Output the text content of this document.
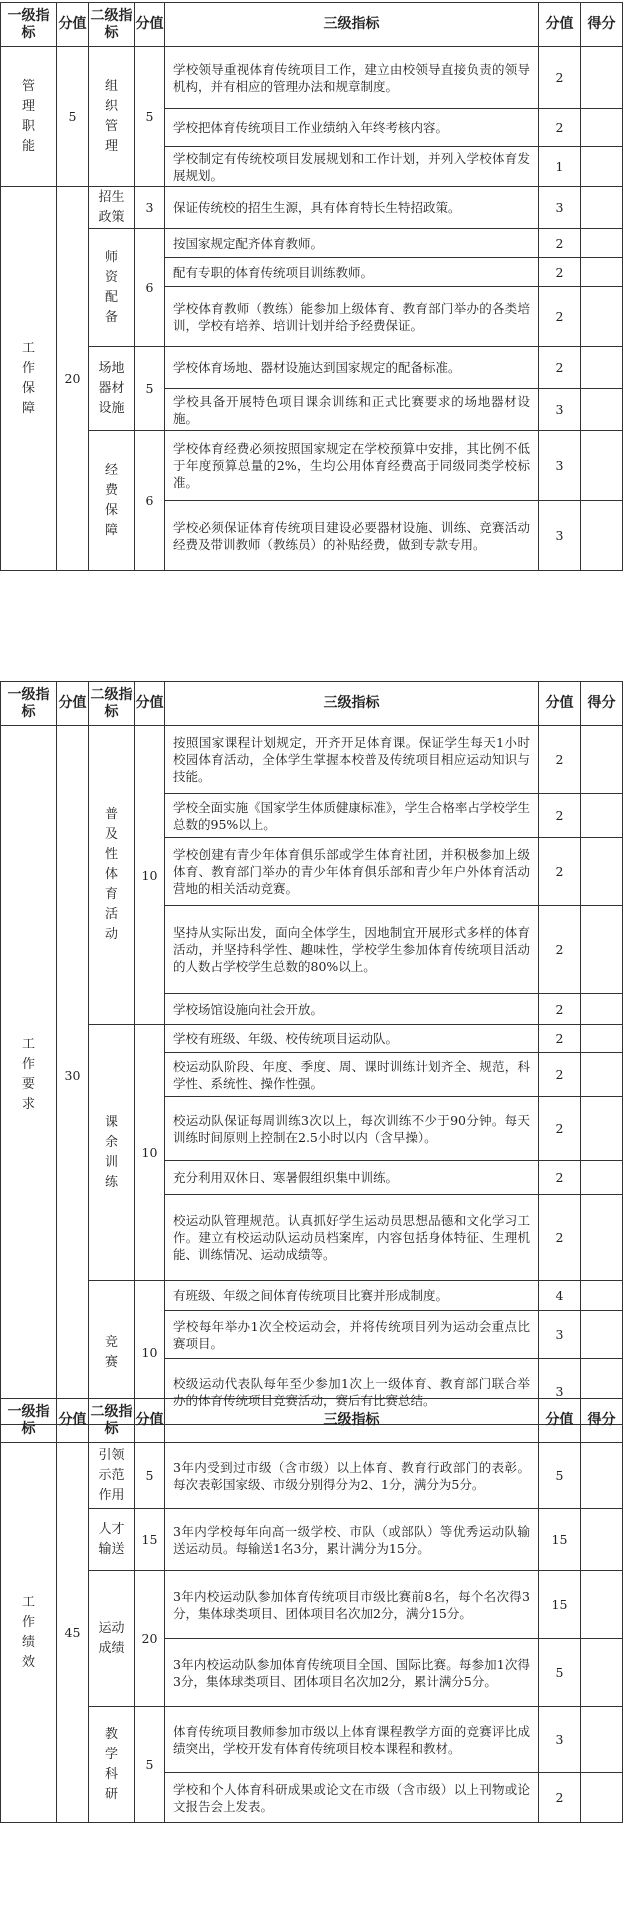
一级指标	分值	二级指标	分值	三级指标	分值	得分
管理职能	5	组织管理	5	学校领导重视体育传统项目工作，建立由校领导直接负责的领导机构，并有相应的管理办法和规章制度。	2	
				学校把体育传统项目工作业绩纳入年终考核内容。	2	
				学校制定有传统校项目发展规划和工作计划，并列入学校体育发展规划。	1	
工作保障	20	招生政策	3	保证传统校的招生生源，具有体育特长生特招政策。	3	
		师资配备	6	按国家规定配齐体育教师。	2	
				配有专职的体育传统项目训练教师。	2	
				学校体育教师（教练）能参加上级体育、教育部门举办的各类培训，学校有培养、培训计划并给予经费保证。	2	
		场地器材设施	5	学校体育场地、器材设施达到国家规定的配备标准。	2	
				学校具备开展特色项目课余训练和正式比赛要求的场地器材设施。	3	
		经费保障	6	学校体育经费必须按照国家规定在学校预算中安排，其比例不低于年度预算总量的2%，生均公用体育经费高于同级同类学校标准。	3	
				学校必须保证体育传统项目建设必要器材设施、训练、竞赛活动经费及带训教师（教练员）的补贴经费，做到专款专用。	3	
一级指标	分值	二级指标	分值	三级指标	分值	得分
工作要求	30	普及性体育活动	10	按照国家课程计划规定，开齐开足体育课。保证学生每天1小时校园体育活动，全体学生掌握本校普及传统项目相应运动知识与技能。	2	
				学校全面实施《国家学生体质健康标准》，学生合格率占学校学生总数的95%以上。	2	
				学校创建有青少年体育俱乐部或学生体育社团，并积极参加上级体育、教育部门举办的青少年体育俱乐部和青少年户外体育活动营地的相关活动竞赛。	2	
				坚持从实际出发，面向全体学生，因地制宜开展形式多样的体育活动，并坚持科学性、趣味性，学校学生参加体育传统项目活动的人数占学校学生总数的80%以上。	2	
				学校场馆设施向社会开放。	2	
		课余训练	10	学校有班级、年级、校传统项目运动队。	2	
				校运动队阶段、年度、季度、周、课时训练计划齐全、规范，科学性、系统性、操作性强。	2	
				校运动队保证每周训练3次以上，每次训练不少于90分钟。每天训练时间原则上控制在2.5小时以内（含早操）。	2	
				充分利用双休日、寒暑假组织集中训练。	2	
				校运动队管理规范。认真抓好学生运动员思想品德和文化学习工作。建立有校运动队运动员档案库，内容包括身体特征、生理机能、训练情况、运动成绩等。	2	
		竞赛	10	有班级、年级之间体育传统项目比赛并形成制度。	4	
				学校每年举办1次全校运动会，并将传统项目列为运动会重点比赛项目。	3	
				校级运动代表队每年至少参加1次上一级体育、教育部门联合举办的体育传统项目竞赛活动，赛后有比赛总结。	3	
一级指标	分值	二级指标	分值	三级指标	分值	得分
工作绩效	45	引领示范作用	5	3年内受到过市级（含市级）以上体育、教育行政部门的表彰。每次表彰国家级、市级分别得分为2、1分，满分为5分。	5	
		人才输送	15	3年内学校每年向高一级学校、市队（或部队）等优秀运动队输送运动员。每输送1名3分，累计满分为15分。	15	
		运动成绩	20	3年内校运动队参加体育传统项目市级比赛前8名，每个名次得3分，集体球类项目、团体项目名次加2分，满分15分。	15	
				3年内校运动队参加体育传统项目全国、国际比赛。每参加1次得3分，集体球类项目、团体项目名次加2分，累计满分5分。	5	
		教学科研	5	体育传统项目教师参加市级以上体育课程教学方面的竞赛评比成绩突出，学校开发有体育传统项目校本课程和教材。	3	
				学校和个人体育科研成果或论文在市级（含市级）以上刊物或论文报告会上发表。	2	
